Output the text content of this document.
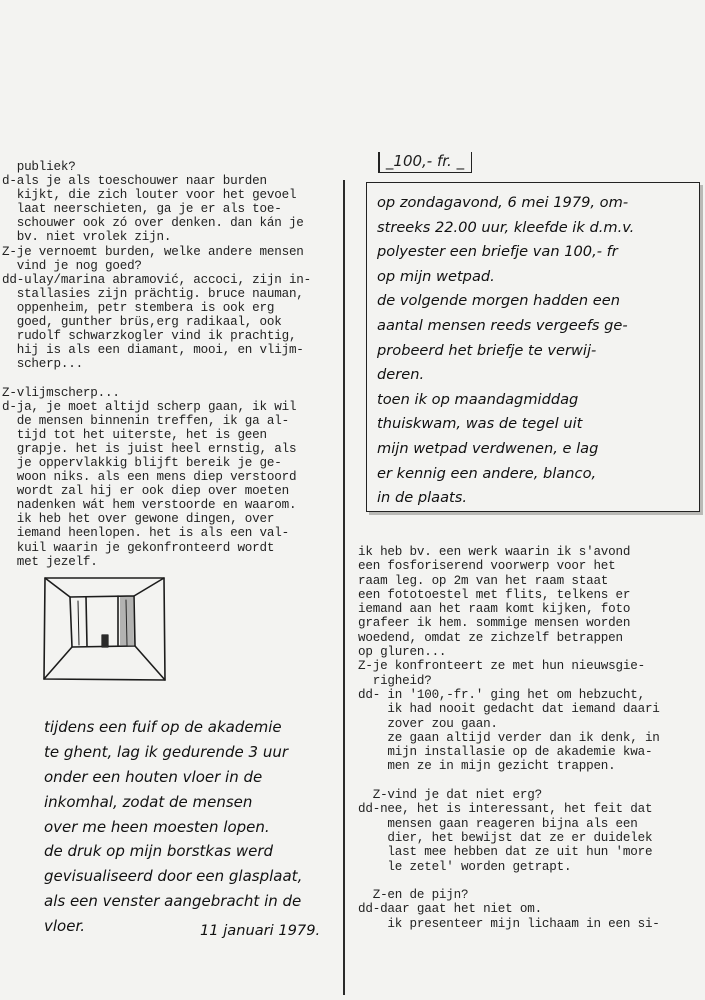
publiek?
d-als je als toeschouwer naar burden
kijkt, die zich louter voor het gevoel
laat neerschieten, ga je er als toe-
schouwer ook zó over denken. dan kán je
bv. niet vrolek zijn.
Z-je vernoemt burden, welke andere mensen
vind je nog goed?
dd-ulay/marina abramović, accoci, zijn in-
stallasies zijn prächtig. bruce nauman,
oppenheim, petr stembera is ook erg
goed, gunther brüs,erg radikaal, ook
rudolf schwarzkogler vind ik prachtig,
hij is als een diamant, mooi, en vlijm-
scherp...

Z-vlijmscherp...
d-ja, je moet altijd scherp gaan, ik wil
de mensen binnenin treffen, ik ga al-
tijd tot het uiterste, het is geen
grapje. het is juist heel ernstig, als
je oppervlakkig blijft bereik je ge-
woon niks. als een mens diep verstoord
wordt zal hij er ook diep over moeten
nadenken wát hem verstoorde en waarom.
ik heb het over gewone dingen, over
iemand heenlopen. het is als een val-
kuil waarin je gekonfronteerd wordt
met jezelf.
_100,- fr. _
op zondagavond, 6 mei 1979, om-
streeks 22.00 uur, kleefde ik d.m.v.
polyester een briefje van 100,- fr
op mijn wetpad.
de volgende morgen hadden een
aantal mensen reeds vergeefs ge-
probeerd het briefje te verwij-
deren.
toen ik op maandagmiddag
thuiskwam, was de tegel uit
mijn wetpad verdwenen, e lag
er kennig een andere, blanco,
in de plaats.
tijdens een fuif op de akademie
te ghent, lag ik gedurende 3 uur
onder een houten vloer in de
inkomhal, zodat de mensen
over me heen moesten lopen.
de druk op mijn borstkas werd
gevisualiseerd door een glasplaat,
als een venster aangebracht in de
vloer.	11 januari 1979.
ik heb bv. een werk waarin ik s'avond
een fosforiserend voorwerp voor het
raam leg. op 2m van het raam staat
een fototoestel met flits, telkens er
iemand aan het raam komt kijken, foto
grafeer ik hem. sommige mensen worden
woedend, omdat ze zichzelf betrappen
op gluren...
Z-je konfronteert ze met hun nieuwsgie-
righeid?
dd- in '100,-fr.' ging het om hebzucht,
ik had nooit gedacht dat iemand daari
zover zou gaan.
ze gaan altijd verder dan ik denk, in
mijn installasie op de akademie kwa-
men ze in mijn gezicht trappen.

Z-vind je dat niet erg?
dd-nee, het is interessant, het feit dat
mensen gaan reageren bijna als een
dier, het bewijst dat ze er duidelek
last mee hebben dat ze uit hun 'more
le zetel' worden getrapt.

Z-en de pijn?
dd-daar gaat het niet om.
ik presenteer mijn lichaam in een si-
